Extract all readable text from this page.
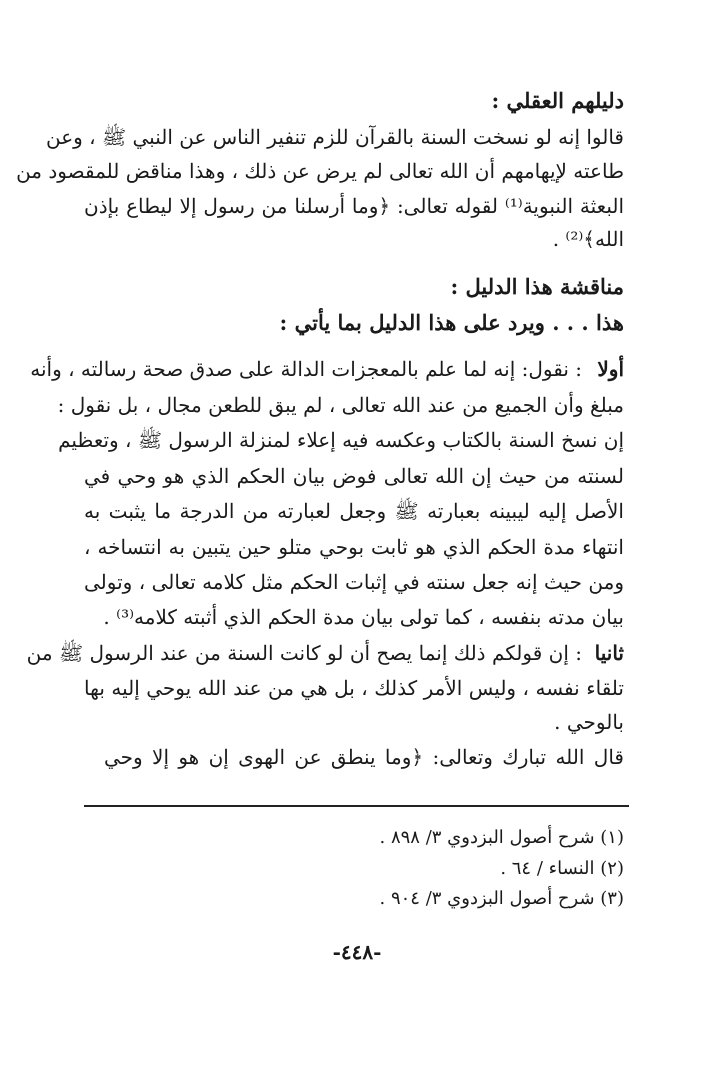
دليلهم العقلي :
قالوا إنه لو نسخت السنة بالقرآن للزم تنفير الناس عن النبي ﷺ ، وعن
طاعته لإيهامهم أن الله تعالى لم يرض عن ذلك ، وهذا مناقض للمقصود من
البعثة النبوية⁽¹⁾ لقوله تعالى: ﴿وما أرسلنا من رسول إلا ليطاع بإذن
الله﴾⁽²⁾ .
مناقشة هذا الدليل :
هذا . . . ويرد على هذا الدليل بما يأتي :
أولا
: نقول: إنه لما علم بالمعجزات الدالة على صدق صحة رسالته ، وأنه
مبلغ وأن الجميع من عند الله تعالى ، لم يبق للطعن مجال ، بل نقول :
إن نسخ السنة بالكتاب وعكسه فيه إعلاء لمنزلة الرسول ﷺ ، وتعظيم
لسنته من حيث إن الله تعالى فوض بيان الحكم الذي هو وحي في
الأصل إليه ليبينه بعبارته ﷺ وجعل لعبارته من الدرجة ما يثبت به
انتهاء مدة الحكم الذي هو ثابت بوحي متلو حين يتبين به انتساخه ،
ومن حيث إنه جعل سنته في إثبات الحكم مثل كلامه تعالى ، وتولى
بيان مدته بنفسه ، كما تولى بيان مدة الحكم الذي أثبته كلامه⁽³⁾ .
ثانيا
: إن قولكم ذلك إنما يصح أن لو كانت السنة من عند الرسول ﷺ من
تلقاء نفسه ، وليس الأمر كذلك ، بل هي من عند الله يوحي إليه بها
بالوحي .
قال الله تبارك وتعالى: ﴿وما ينطق عن الهوى إن هو إلا وحي
(١) شرح أصول البزدوي ٣/ ٨٩٨ .
(٢) النساء / ٦٤ .
(٣) شرح أصول البزدوي ٣/ ٩٠٤ .
-٤٤٨-
